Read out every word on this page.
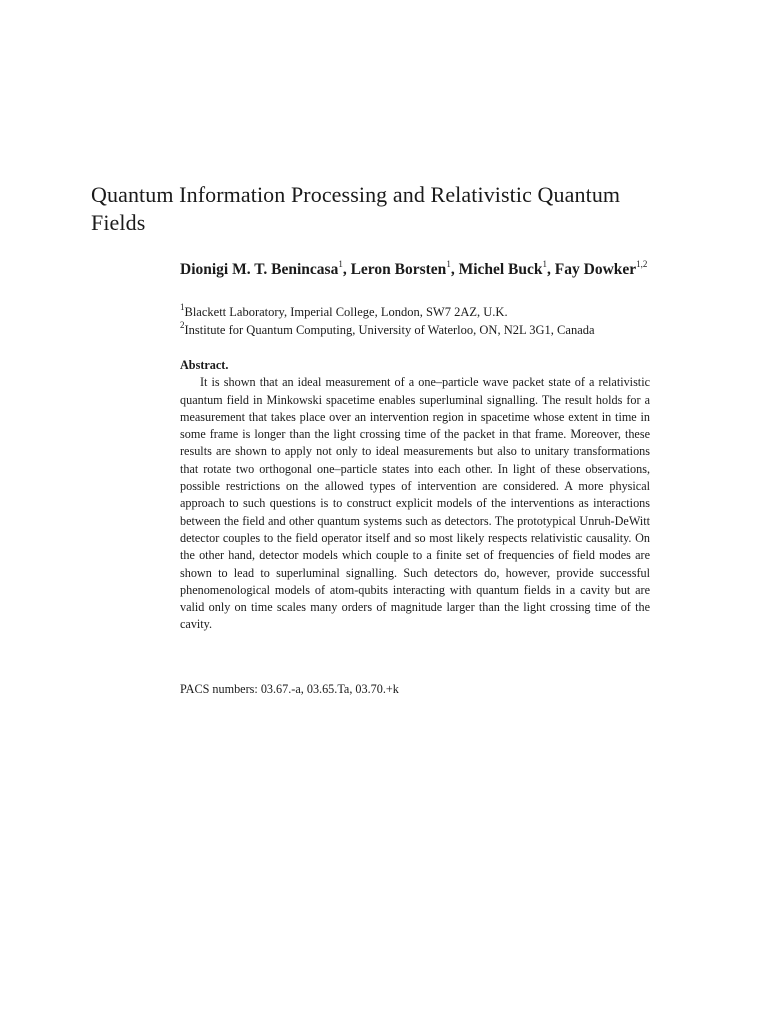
Quantum Information Processing and Relativistic Quantum Fields

Dionigi M. T. Benincasa$^1$, Leron Borsten$^1$, Michel Buck$^1$, Fay Dowker$^{1,2}$

$^1$Blackett Laboratory, Imperial College, London, SW7 2AZ, U.K.

$^2$Institute for Quantum Computing, University of Waterloo, ON, N2L 3G1, Canada

Abstract.

It is shown that an ideal measurement of a one–particle wave packet state of a relativistic quantum field in Minkowski spacetime enables superluminal signalling. The result holds for a measurement that takes place over an intervention region in spacetime whose extent in time in some frame is longer than the light crossing time of the packet in that frame. Moreover, these results are shown to apply not only to ideal measurements but also to unitary transformations that rotate two orthogonal one–particle states into each other. In light of these observations, possible restrictions on the allowed types of intervention are considered. A more physical approach to such questions is to construct explicit models of the interventions as interactions between the field and other quantum systems such as detectors. The prototypical Unruh-DeWitt detector couples to the field operator itself and so most likely respects relativistic causality. On the other hand, detector models which couple to a finite set of frequencies of field modes are shown to lead to superluminal signalling. Such detectors do, however, provide successful phenomenological models of atom-qubits interacting with quantum fields in a cavity but are valid only on time scales many orders of magnitude larger than the light crossing time of the cavity.

PACS numbers: 03.67.-a, 03.65.Ta, 03.70.+k
